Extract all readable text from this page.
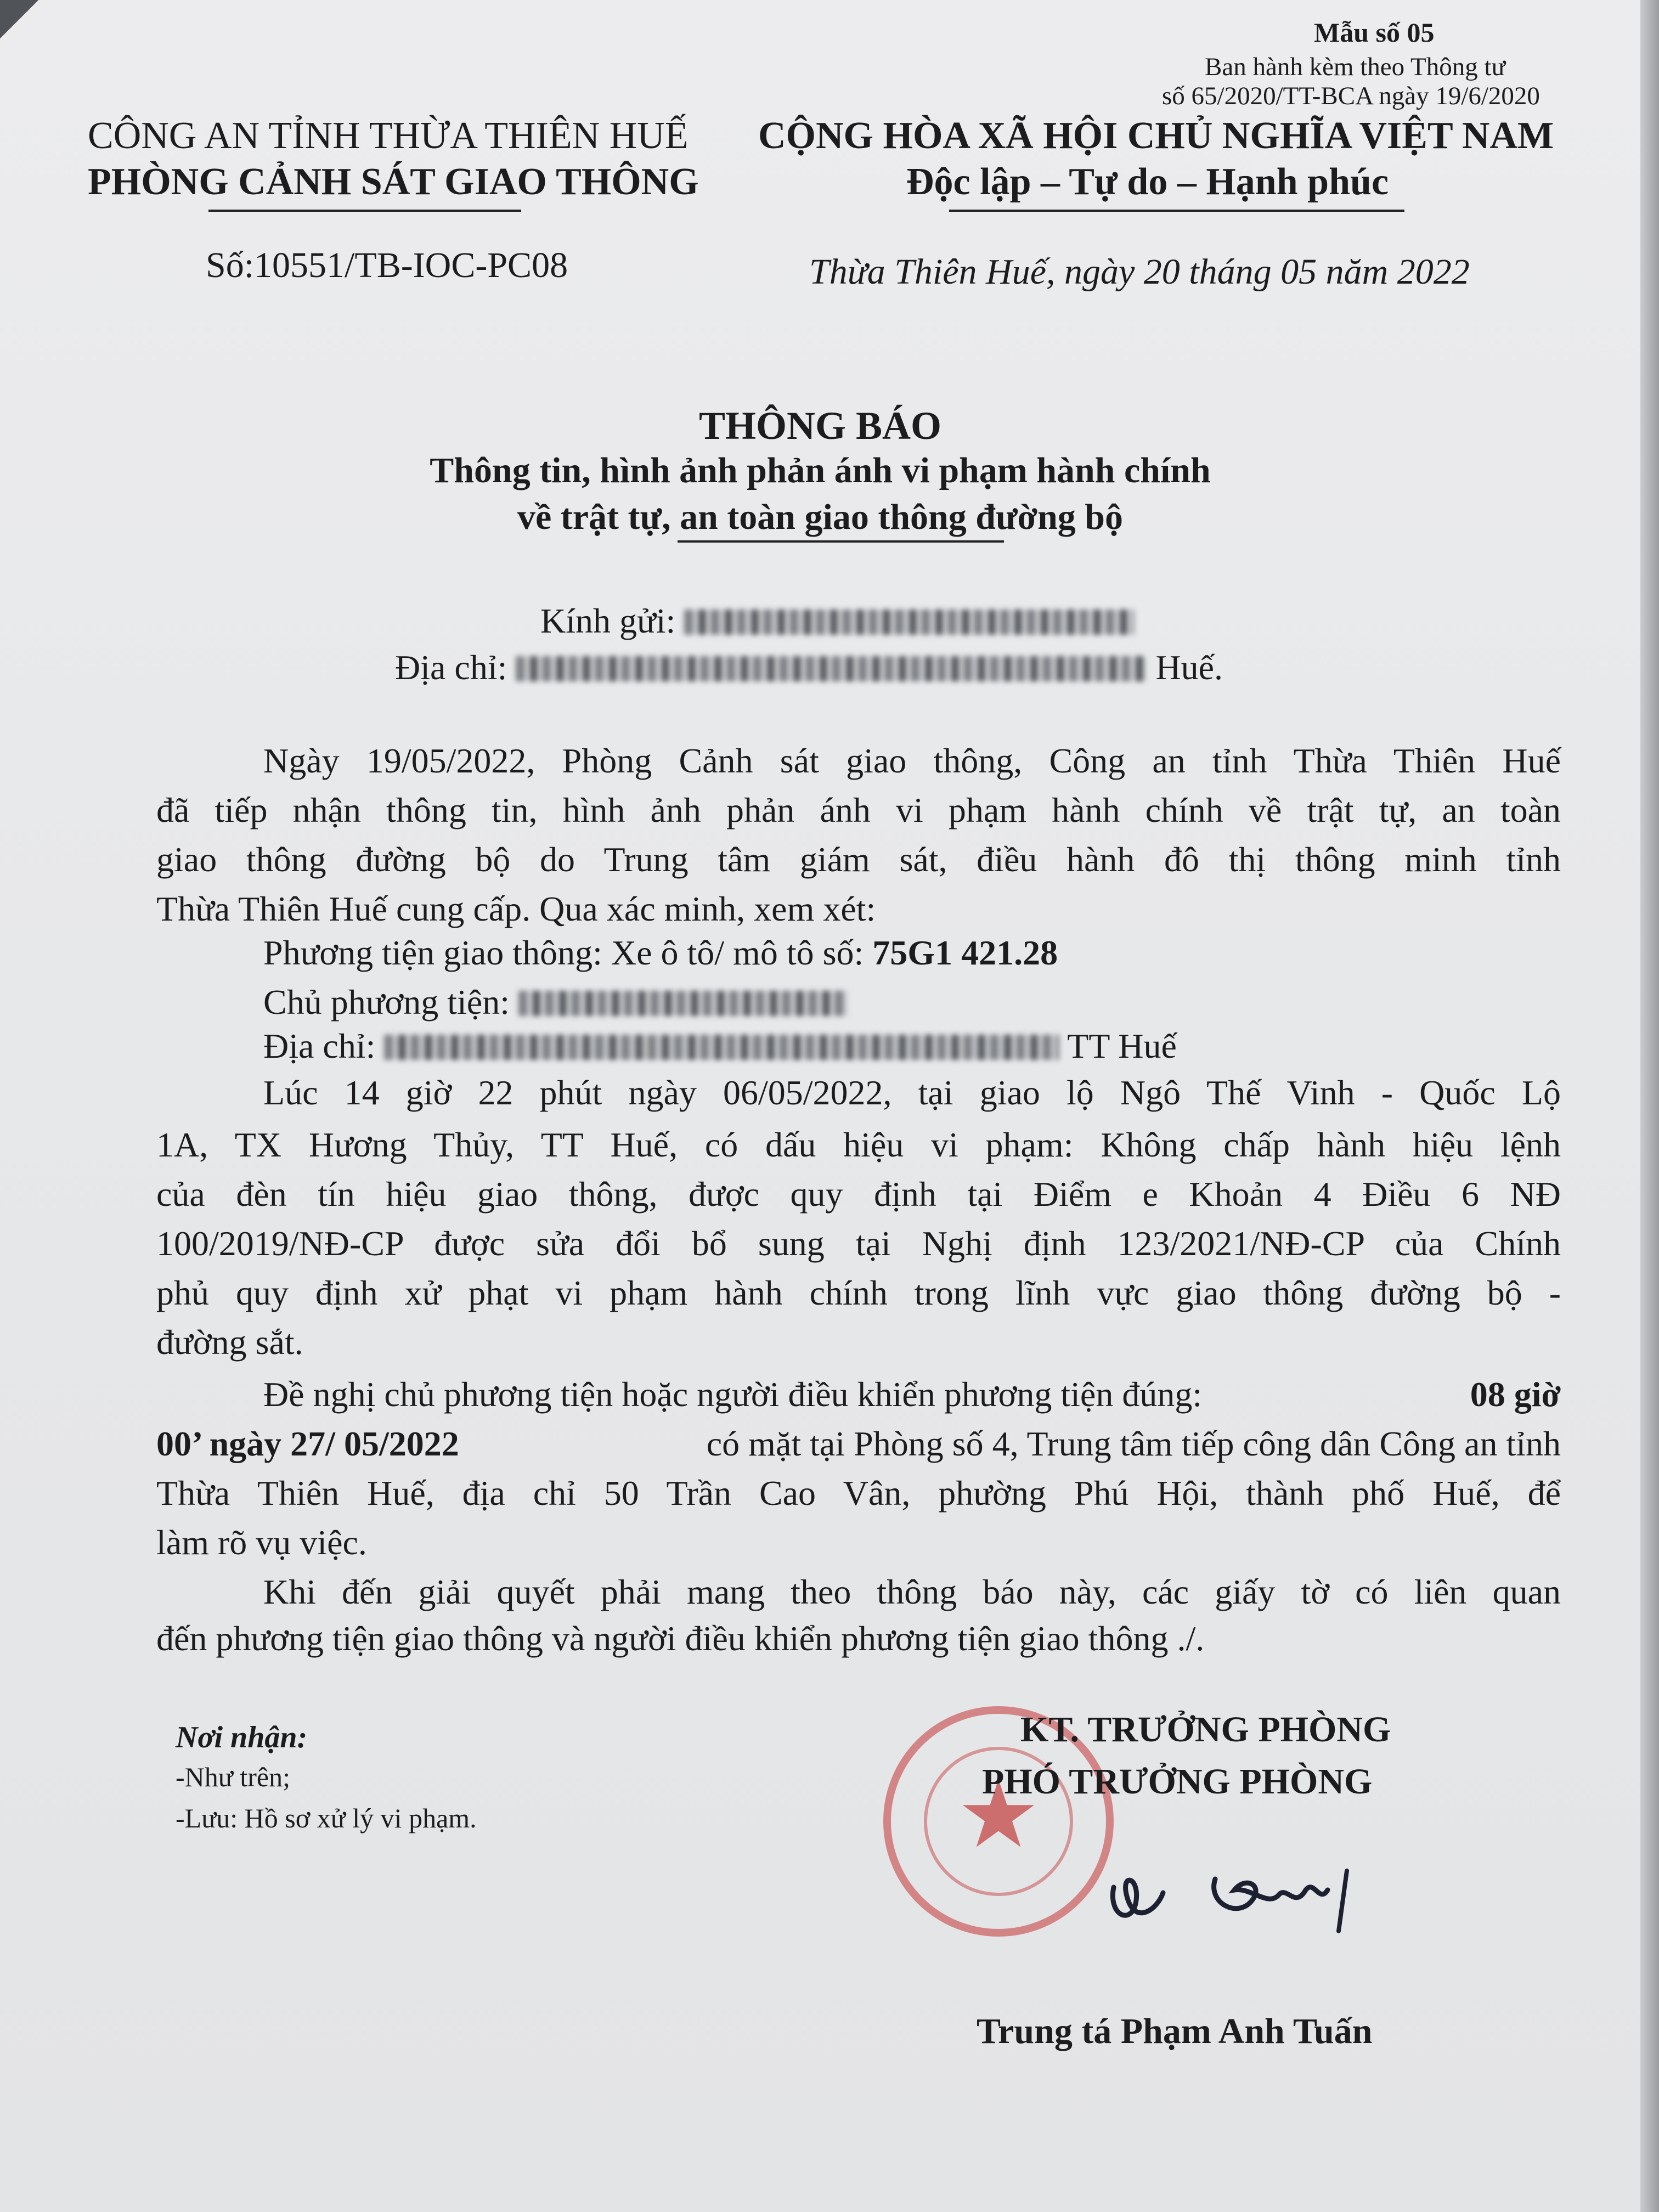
Mẫu số 05
Ban hành kèm theo Thông tư
số 65/2020/TT-BCA ngày 19/6/2020
CÔNG AN TỈNH THỪA THIÊN HUẾ
PHÒNG CẢNH SÁT GIAO THÔNG
Số:10551/TB-IOC-PC08
CỘNG HÒA XÃ HỘI CHỦ NGHĨA VIỆT NAM
Độc lập – Tự do – Hạnh phúc
Thừa Thiên Huế, ngày 20 tháng 05 năm 2022
THÔNG BÁO
Thông tin, hình ảnh phản ánh vi phạm hành chính
về trật tự, an toàn giao thông đường bộ
Kính gửi:
Địa chỉ:	Huế.
Ngày 19/05/2022, Phòng Cảnh sát giao thông, Công an tỉnh Thừa Thiên Huế
đã tiếp nhận thông tin, hình ảnh phản ánh vi phạm hành chính về trật tự, an toàn
giao thông đường bộ do Trung tâm giám sát, điều hành đô thị thông minh tỉnh
Thừa Thiên Huế cung cấp. Qua xác minh, xem xét:
Phương tiện giao thông: Xe ô tô/ mô tô số: 75G1 421.28
Chủ phương tiện:
Địa chỉ:	TT Huế
Lúc 14 giờ 22 phút ngày 06/05/2022, tại giao lộ Ngô Thế Vinh - Quốc Lộ
1A, TX Hương Thủy, TT Huế, có dấu hiệu vi phạm: Không chấp hành hiệu lệnh
của đèn tín hiệu giao thông, được quy định tại Điểm e Khoản 4 Điều 6 NĐ
100/2019/NĐ-CP được sửa đổi bổ sung tại Nghị định 123/2021/NĐ-CP của Chính
phủ quy định xử phạt vi phạm hành chính trong lĩnh vực giao thông đường bộ -
đường sắt.
Đề nghị chủ phương tiện hoặc người điều khiển phương tiện đúng:	08 giờ
00’ ngày 27/ 05/2022	có mặt tại Phòng số 4, Trung tâm tiếp công dân Công an tỉnh
Thừa Thiên Huế, địa chỉ 50 Trần Cao Vân, phường Phú Hội, thành phố Huế, để
làm rõ vụ việc.
Khi đến giải quyết phải mang theo thông báo này, các giấy tờ có liên quan
đến phương tiện giao thông và người điều khiển phương tiện giao thông ./.
Nơi nhận:
-Như trên;
-Lưu: Hồ sơ xử lý vi phạm.	★
KT. TRƯỞNG PHÒNG
PHÓ TRƯỞNG PHÒNG
Trung tá Phạm Anh Tuấn
